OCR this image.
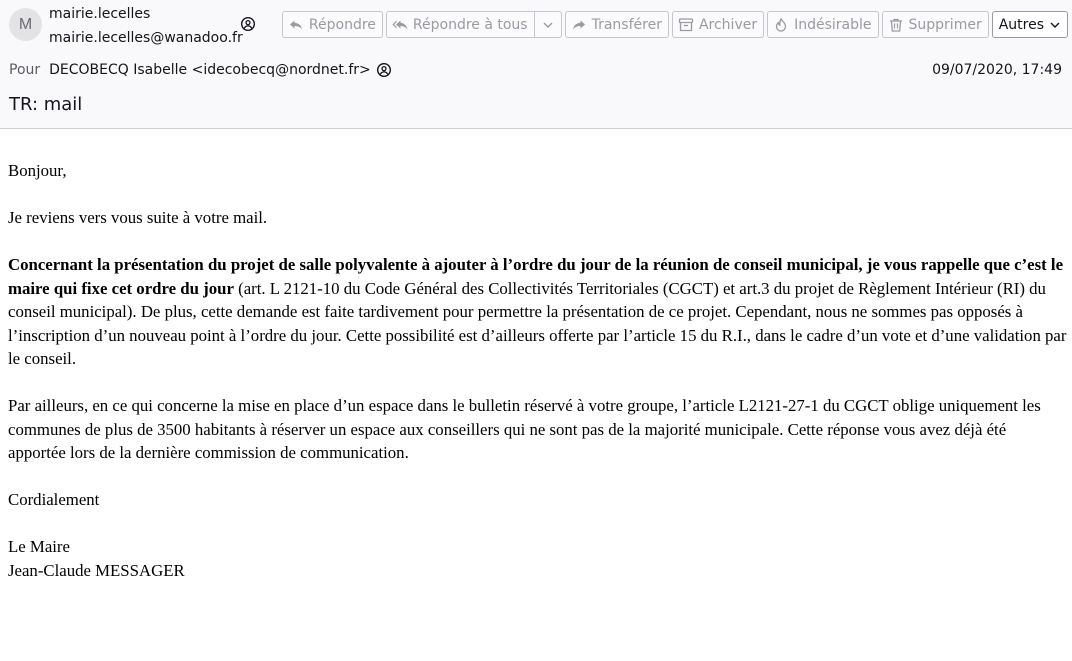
M
mairie.lecelles
mairie.lecelles@wanadoo.fr
Répondre	Répondre à tous	Transférer	Archiver	Indésirable	Supprimer Autres
Pour DECOBECQ Isabelle <idecobecq@nordnet.fr>	09/07/2020, 17:49
TR: mail

Bonjour,

Je reviens vers vous suite à votre mail.

Concernant la présentation du projet de salle polyvalente à ajouter à l’ordre du jour de la réunion de conseil municipal, je vous rappelle que c’est le maire qui fixe cet ordre du jour (art. L 2121-10 du Code Général des Collectivités Territoriales (CGCT) et art.3 du projet de Règlement Intérieur (RI) du conseil municipal). De plus, cette demande est faite tardivement pour permettre la présentation de ce projet. Cependant, nous ne sommes pas opposés à l’inscription d’un nouveau point à l’ordre du jour. Cette possibilité est d’ailleurs offerte par l’article 15 du R.I., dans le cadre d’un vote et d’une validation par le conseil.

Par ailleurs, en ce qui concerne la mise en place d’un espace dans le bulletin réservé à votre groupe, l’article L2121-27-1 du CGCT oblige uniquement les communes de plus de 3500 habitants à réserver un espace aux conseillers qui ne sont pas de la majorité municipale. Cette réponse vous avez déjà été apportée lors de la dernière commission de communication.

Cordialement

Le Maire

Jean-Claude MESSAGER
